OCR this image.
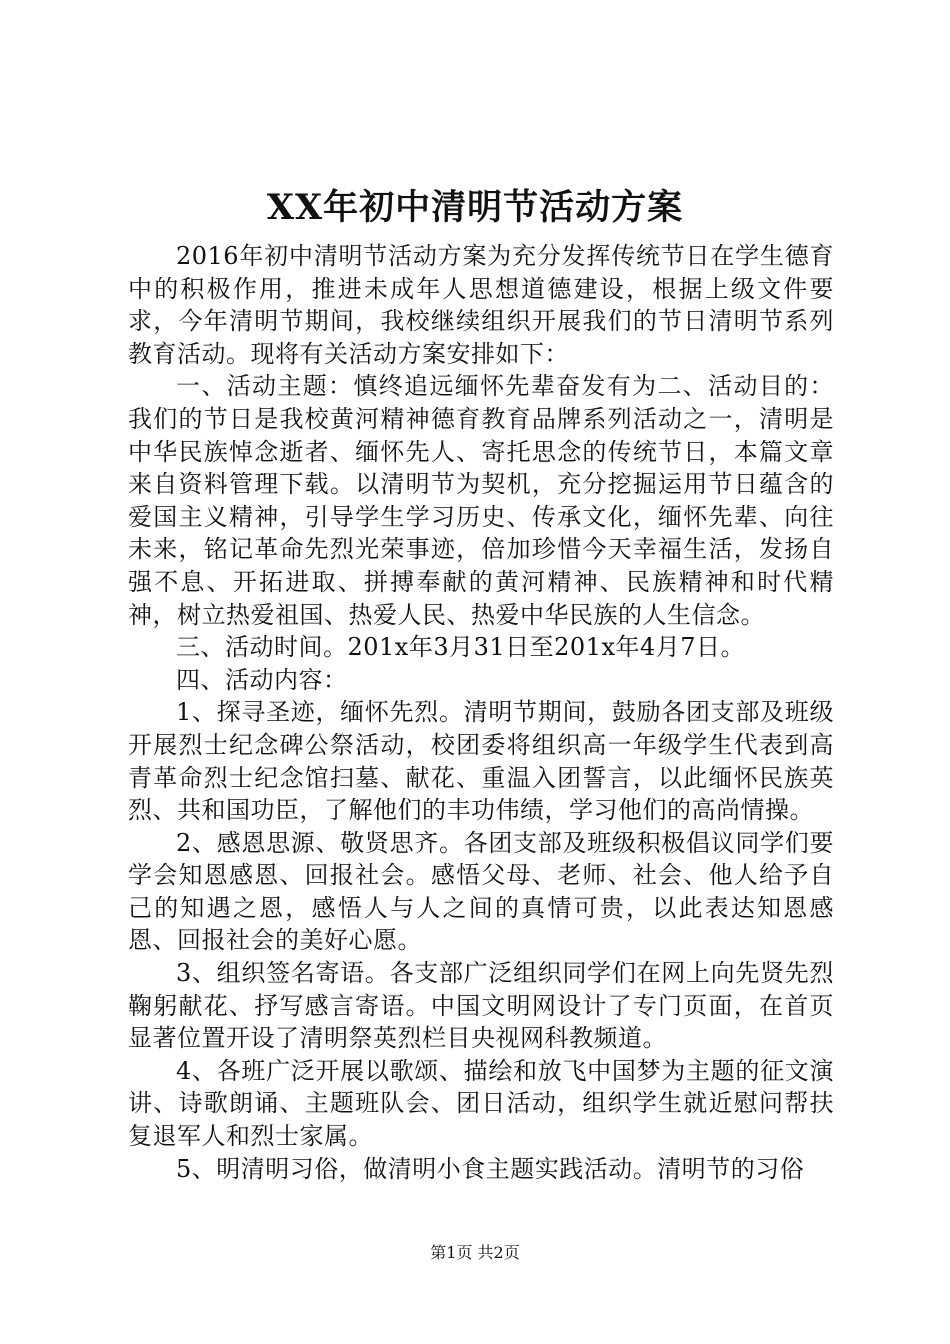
XX年初中清明节活动方案

2016年初中清明节活动方案为充分发挥传统节日在学生德育中的积极作用，推进未成年人思想道德建设，根据上级文件要求，今年清明节期间，我校继续组织开展我们的节日清明节系列教育活动。现将有关活动方案安排如下：

一、活动主题：慎终追远缅怀先辈奋发有为二、活动目的：我们的节日是我校黄河精神德育教育品牌系列活动之一，清明是中华民族悼念逝者、缅怀先人、寄托思念的传统节日，本篇文章来自资料管理下载。以清明节为契机，充分挖掘运用节日蕴含的爱国主义精神，引导学生学习历史、传承文化，缅怀先辈、向往未来，铭记革命先烈光荣事迹，倍加珍惜今天幸福生活，发扬自强不息、开拓进取、拼搏奉献的黄河精神、民族精神和时代精神，树立热爱祖国、热爱人民、热爱中华民族的人生信念。

三、活动时间。201x年3月31日至201x年4月7日。

四、活动内容：

1、探寻圣迹，缅怀先烈。清明节期间，鼓励各团支部及班级开展烈士纪念碑公祭活动，校团委将组织高一年级学生代表到高青革命烈士纪念馆扫墓、献花、重温入团誓言，以此缅怀民族英烈、共和国功臣，了解他们的丰功伟绩，学习他们的高尚情操。

2、感恩思源、敬贤思齐。各团支部及班级积极倡议同学们要学会知恩感恩、回报社会。感悟父母、老师、社会、他人给予自己的知遇之恩，感悟人与人之间的真情可贵，以此表达知恩感恩、回报社会的美好心愿。

3、组织签名寄语。各支部广泛组织同学们在网上向先贤先烈鞠躬献花、抒写感言寄语。中国文明网设计了专门页面，在首页显著位置开设了清明祭英烈栏目央视网科教频道。

4、各班广泛开展以歌颂、描绘和放飞中国梦为主题的征文演讲、诗歌朗诵、主题班队会、团日活动，组织学生就近慰问帮扶复退军人和烈士家属。

5、明清明习俗，做清明小食主题实践活动。清明节的习俗

第1页 共2页
